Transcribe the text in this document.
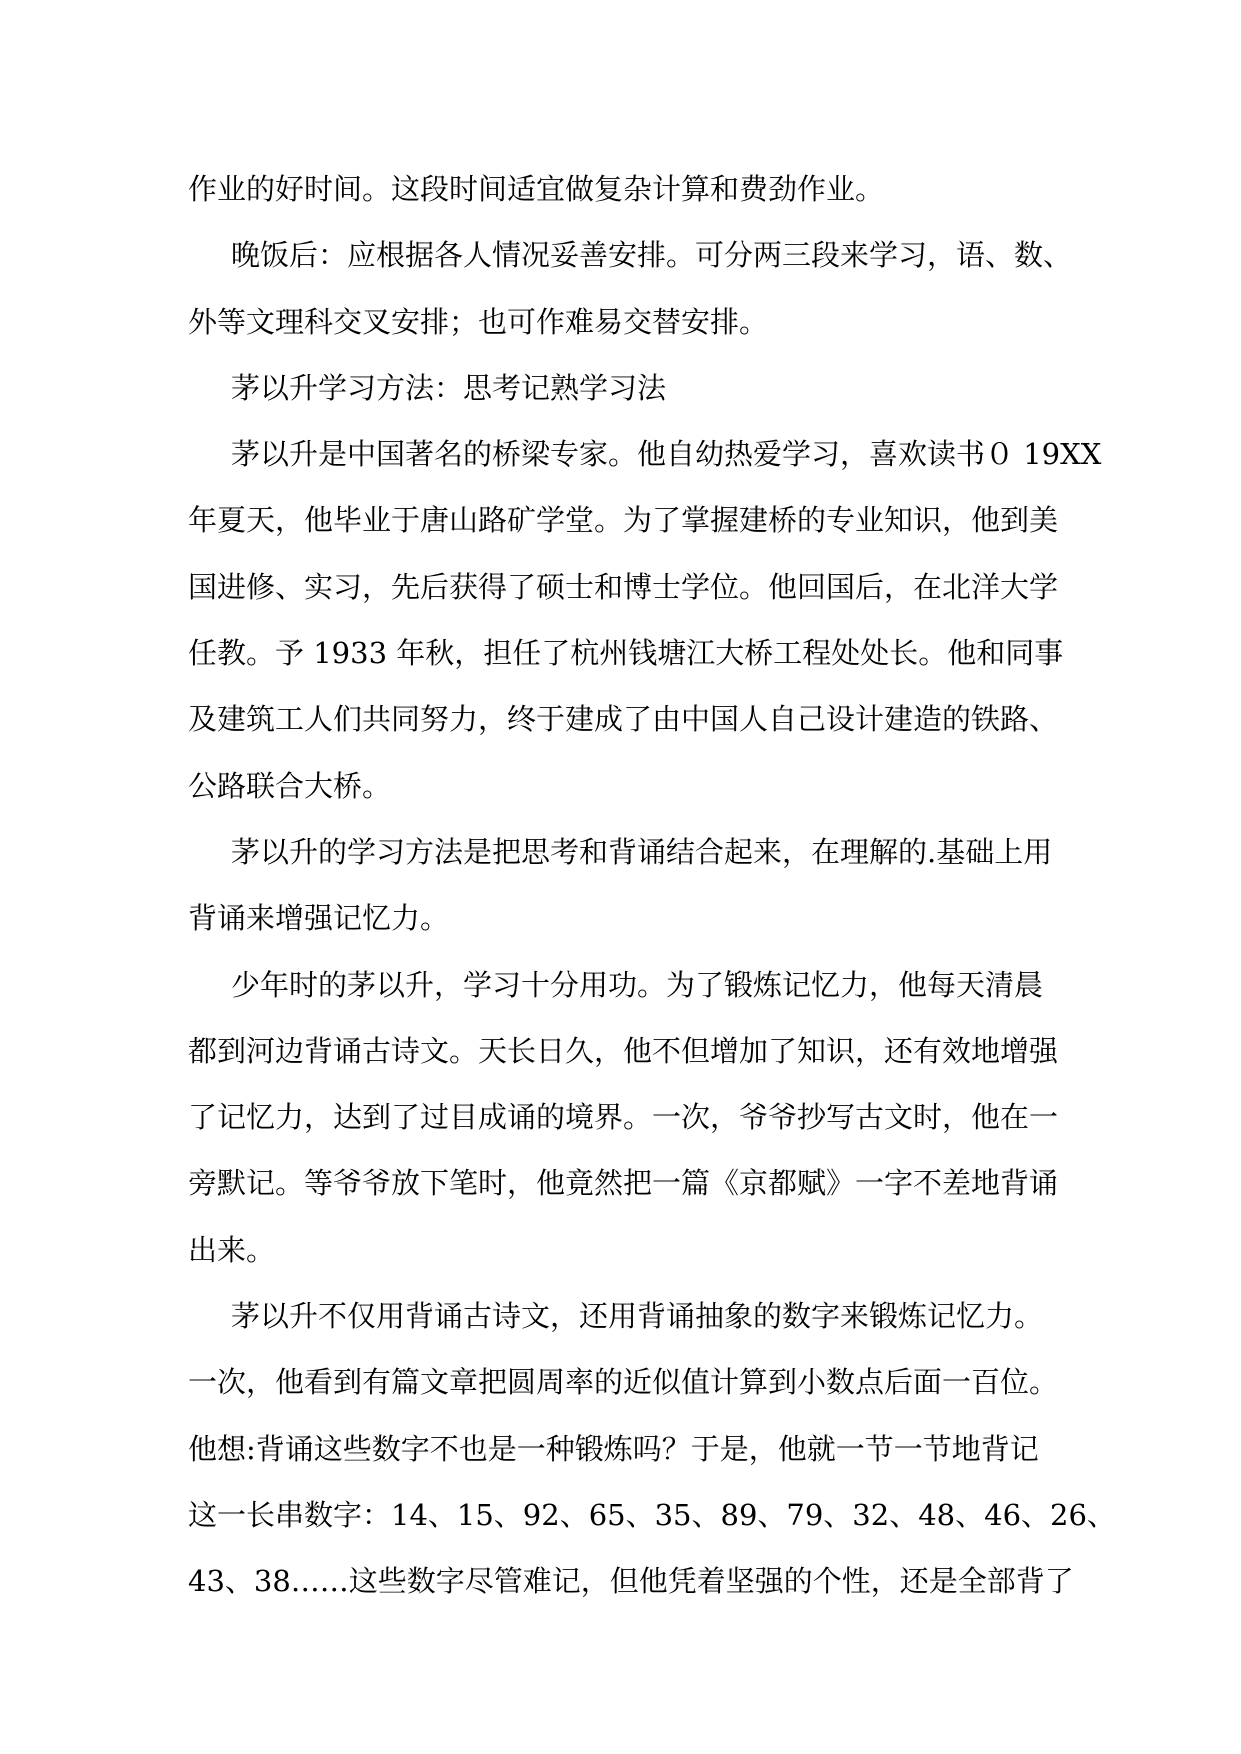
作业的好时间。这段时间适宜做复杂计算和费劲作业。
晚饭后：应根据各人情况妥善安排。可分两三段来学习，语、数、
外等文理科交叉安排；也可作难易交替安排。
茅以升学习方法：思考记熟学习法
茅以升是中国著名的桥梁专家。他自幼热爱学习，喜欢读书０ 19XX
年夏天，他毕业于唐山路矿学堂。为了掌握建桥的专业知识，他到美
国进修、实习，先后获得了硕士和博士学位。他回国后，在北洋大学
任教。予 1933 年秋，担任了杭州钱塘江大桥工程处处长。他和同事
及建筑工人们共同努力，终于建成了由中国人自己设计建造的铁路、
公路联合大桥。
茅以升的学习方法是把思考和背诵结合起来，在理解的.基础上用
背诵来增强记忆力。
少年时的茅以升，学习十分用功。为了锻炼记忆力，他每天清晨
都到河边背诵古诗文。天长日久，他不但增加了知识，还有效地增强
了记忆力，达到了过目成诵的境界。一次，爷爷抄写古文时，他在一
旁默记。等爷爷放下笔时，他竟然把一篇《京都赋》一字不差地背诵
出来。
茅以升不仅用背诵古诗文，还用背诵抽象的数字来锻炼记忆力。
一次，他看到有篇文章把圆周率的近似值计算到小数点后面一百位。
他想:背诵这些数字不也是一种锻炼吗？于是，他就一节一节地背记
这一长串数字：14、15、92、65、35、89、79、32、48、46、26、
43、38……这些数字尽管难记，但他凭着坚强的个性，还是全部背了
